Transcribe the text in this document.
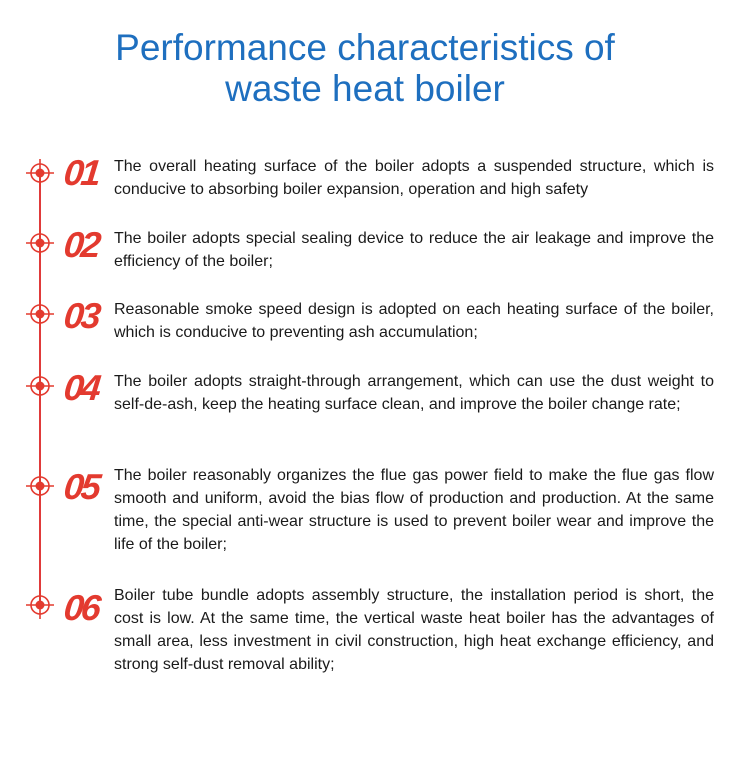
Performance characteristics of
waste heat boiler
01 The overall heating surface of the boiler adopts a suspended structure, which is conducive to absorbing boiler expansion, operation and high safety

02 The boiler adopts special sealing device to reduce the air leakage and improve the efficiency of the boiler;

03 Reasonable smoke speed design is adopted on each heating surface of the boiler, which is conducive to preventing ash accumulation;

04 The boiler adopts straight-through arrangement, which can use the dust weight to self-de-ash, keep the heating surface clean, and improve the boiler change rate;

05 The boiler reasonably organizes the flue gas power field to make the flue gas flow smooth and uniform, avoid the bias flow of production and production. At the same time, the special anti-wear structure is used to prevent boiler wear and improve the life of the boiler;

06 Boiler tube bundle adopts assembly structure, the installation period is short, the cost is low. At the same time, the vertical waste heat boiler has the advantages of small area, less investment in civil construction, high heat exchange efficiency, and strong self-dust removal ability;
